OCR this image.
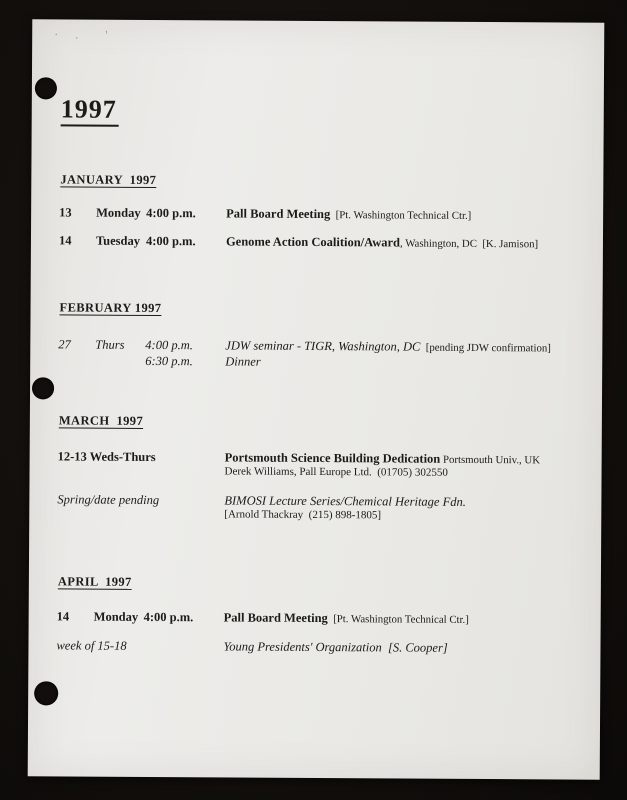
· .  '
1997
JANUARY  1997
13 Monday 4:00 p.m. Pall Board Meeting  [Pt. Washington Technical Ctr.]
14 Tuesday 4:00 p.m. Genome Action Coalition/Award, Washington, DC  [K. Jamison]
FEBRUARY 1997
27 Thurs 4:00 p.m.	JDW seminar - TIGR, Washington, DC  [pending JDW confirmation]
6:30 p.m.	Dinner
MARCH  1997
12-13 Weds-Thurs	Portsmouth Science Building Dedication Portsmouth Univ., UK
Derek Williams, Pall Europe Ltd.  (01705) 302550
Spring/date pending	BIMOSI Lecture Series/Chemical Heritage Fdn.
[Arnold Thackray  (215) 898-1805]
APRIL  1997
14 Monday 4:00 p.m. Pall Board Meeting  [Pt. Washington Technical Ctr.]
week of 15-18	Young Presidents' Organization  [S. Cooper]
